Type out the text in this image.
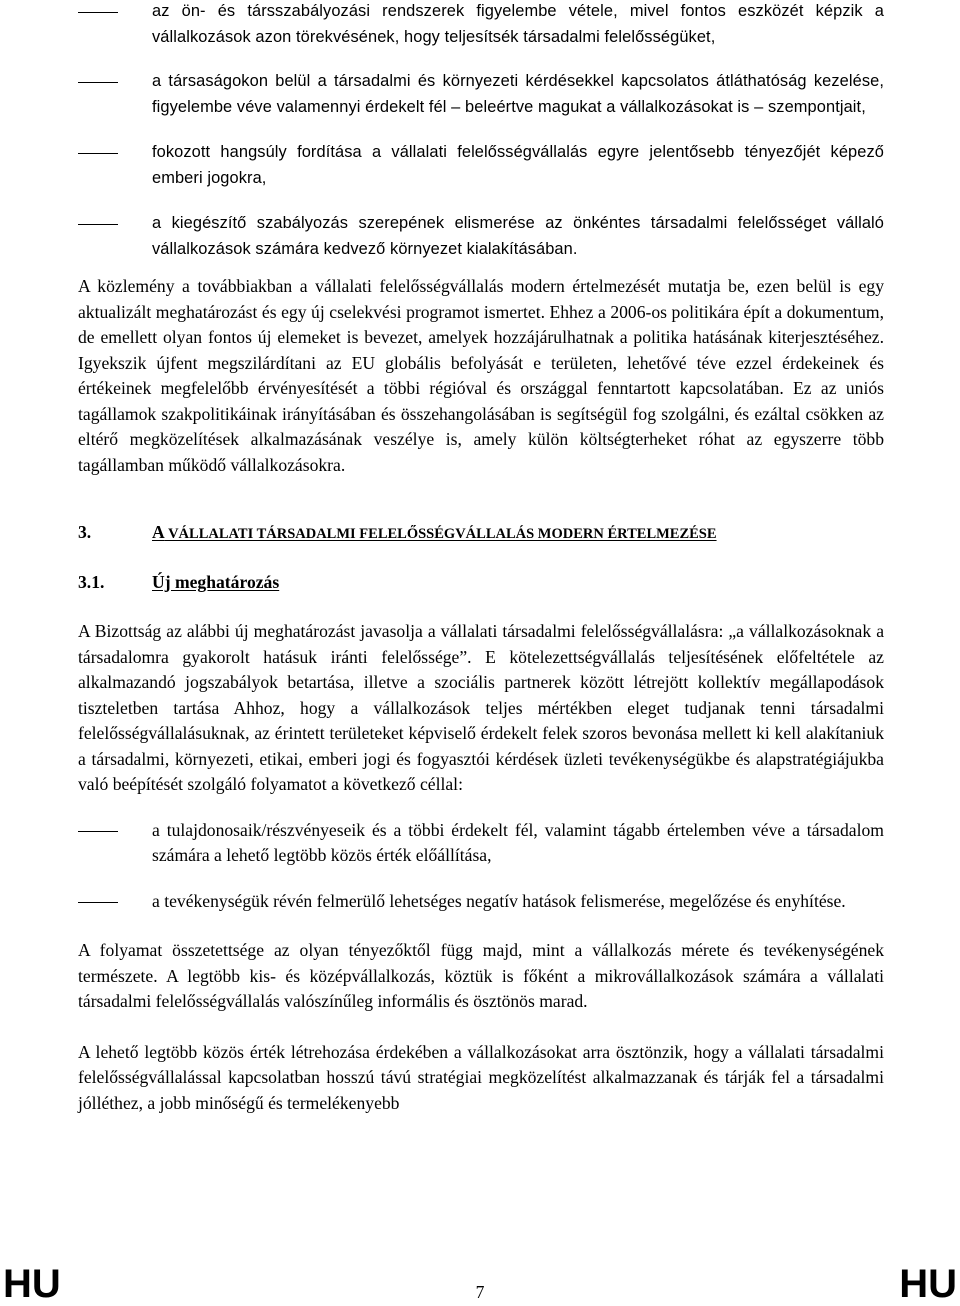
az ön- és társszabályozási rendszerek figyelembe vétele, mivel fontos eszközét képzik a vállalkozások azon törekvésének, hogy teljesítsék társadalmi felelősségüket,
a társaságokon belül a társadalmi és környezeti kérdésekkel kapcsolatos átláthatóság kezelése, figyelembe véve valamennyi érdekelt fél – beleértve magukat a vállalkozásokat is – szempontjait,
fokozott hangsúly fordítása a vállalati felelősségvállalás egyre jelentősebb tényezőjét képező emberi jogokra,
a kiegészítő szabályozás szerepének elismerése az önkéntes társadalmi felelősséget vállaló vállalkozások számára kedvező környezet kialakításában.

A közlemény a továbbiakban a vállalati felelősségvállalás modern értelmezését mutatja be, ezen belül is egy aktualizált meghatározást és egy új cselekvési programot ismertet. Ehhez a 2006-os politikára épít a dokumentum, de emellett olyan fontos új elemeket is bevezet, amelyek hozzájárulhatnak a politika hatásának kiterjesztéséhez. Igyekszik újfent megszilárdítani az EU globális befolyását e területen, lehetővé téve ezzel érdekeinek és értékeinek megfelelőbb érvényesítését a többi régióval és országgal fenntartott kapcsolatában. Ez az uniós tagállamok szakpolitikáinak irányításában és összehangolásában is segítségül fog szolgálni, és ezáltal csökken az eltérő megközelítések alkalmazásának veszélye is, amely külön költségterheket róhat az egyszerre több tagállamban működő vállalkozásokra.

3.	A VÁLLALATI TÁRSADALMI FELELŐSSÉGVÁLLALÁS MODERN ÉRTELMEZÉSE
3.1.	Új meghatározás

A Bizottság az alábbi új meghatározást javasolja a vállalati társadalmi felelősségvállalásra: „a vállalkozásoknak a társadalomra gyakorolt hatásuk iránti felelőssége”. E kötelezettségvállalás teljesítésének előfeltétele az alkalmazandó jogszabályok betartása, illetve a szociális partnerek között létrejött kollektív megállapodások tiszteletben tartása Ahhoz, hogy a vállalkozások teljes mértékben eleget tudjanak tenni társadalmi felelősségvállalásuknak, az érintett területeket képviselő érdekelt felek szoros bevonása mellett ki kell alakítaniuk a társadalmi, környezeti, etikai, emberi jogi és fogyasztói kérdések üzleti tevékenységükbe és alapstratégiájukba való beépítését szolgáló folyamatot a következő céllal:

a tulajdonosaik/részvényeseik és a többi érdekelt fél, valamint tágabb értelemben véve a társadalom számára a lehető legtöbb közös érték előállítása,
a tevékenységük révén felmerülő lehetséges negatív hatások felismerése, megelőzése és enyhítése.

A folyamat összetettsége az olyan tényezőktől függ majd, mint a vállalkozás mérete és tevékenységének természete. A legtöbb kis- és középvállalkozás, köztük is főként a mikrovállalkozások számára a vállalati társadalmi felelősségvállalás valószínűleg informális és ösztönös marad.

A lehető legtöbb közös érték létrehozása érdekében a vállalkozásokat arra ösztönzik, hogy a vállalati társadalmi felelősségvállalással kapcsolatban hosszú távú stratégiai megközelítést alkalmazzanak és tárják fel a társadalmi jólléthez, a jobb minőségű és termelékenyebb

HU	7	HU
